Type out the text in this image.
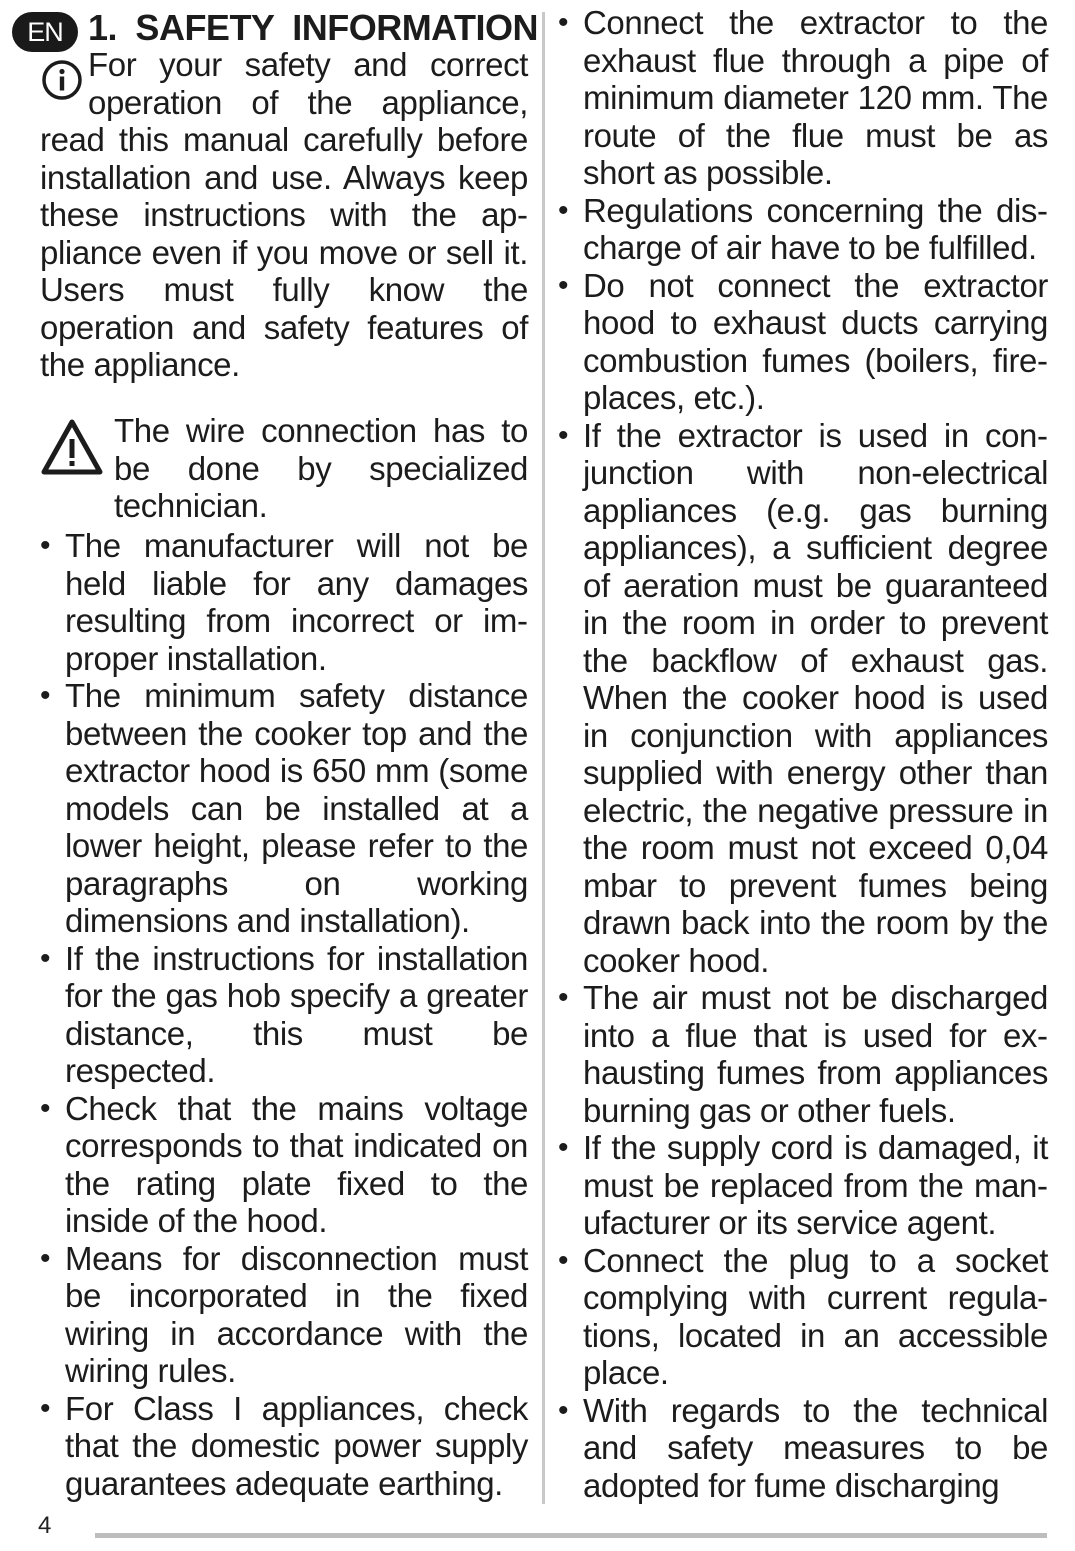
EN 1. SAFETY INFORMATION
For your safety and correct operation of the appliance, read this manual carefully before installation and use. Always keep these instructions with the appliance even if you move or sell it. Users must fully know the operation and safety features of the appliance.
The wire connection has to be done by specialized technician.
• The manufacturer will not be held liable for any damages resulting from incorrect or improper installation.
• The minimum safety distance between the cooker top and the extractor hood is 650 mm (some models can be installed at a lower height, please refer to the paragraphs on working dimensions and installation).
• If the instructions for installation for the gas hob specify a greater distance, this must be respected.
• Check that the mains voltage corresponds to that indicated on the rating plate fixed to the inside of the hood.
• Means for disconnection must be incorporated in the fixed wiring in accordance with the wiring rules.
• For Class I appliances, check that the domestic power supply guarantees adequate earthing.
• Connect the extractor to the exhaust flue through a pipe of minimum diameter 120 mm. The route of the flue must be as short as possible.
• Regulations concerning the discharge of air have to be fulfilled.
• Do not connect the extractor hood to exhaust ducts carrying combustion fumes (boilers, fireplaces, etc.).
• If the extractor is used in conjunction with non-electrical appliances (e.g. gas burning appliances), a sufficient degree of aeration must be guaranteed in the room in order to prevent the backflow of exhaust gas. When the cooker hood is used in conjunction with appliances supplied with energy other than electric, the negative pressure in the room must not exceed 0,04 mbar to prevent fumes being drawn back into the room by the cooker hood.
• The air must not be discharged into a flue that is used for exhausting fumes from appliances burning gas or other fuels.
• If the supply cord is damaged, it must be replaced from the manufacturer or its service agent.
• Connect the plug to a socket complying with current regulations, located in an accessible place.
• With regards to the technical and safety measures to be adopted for fume discharging
4
